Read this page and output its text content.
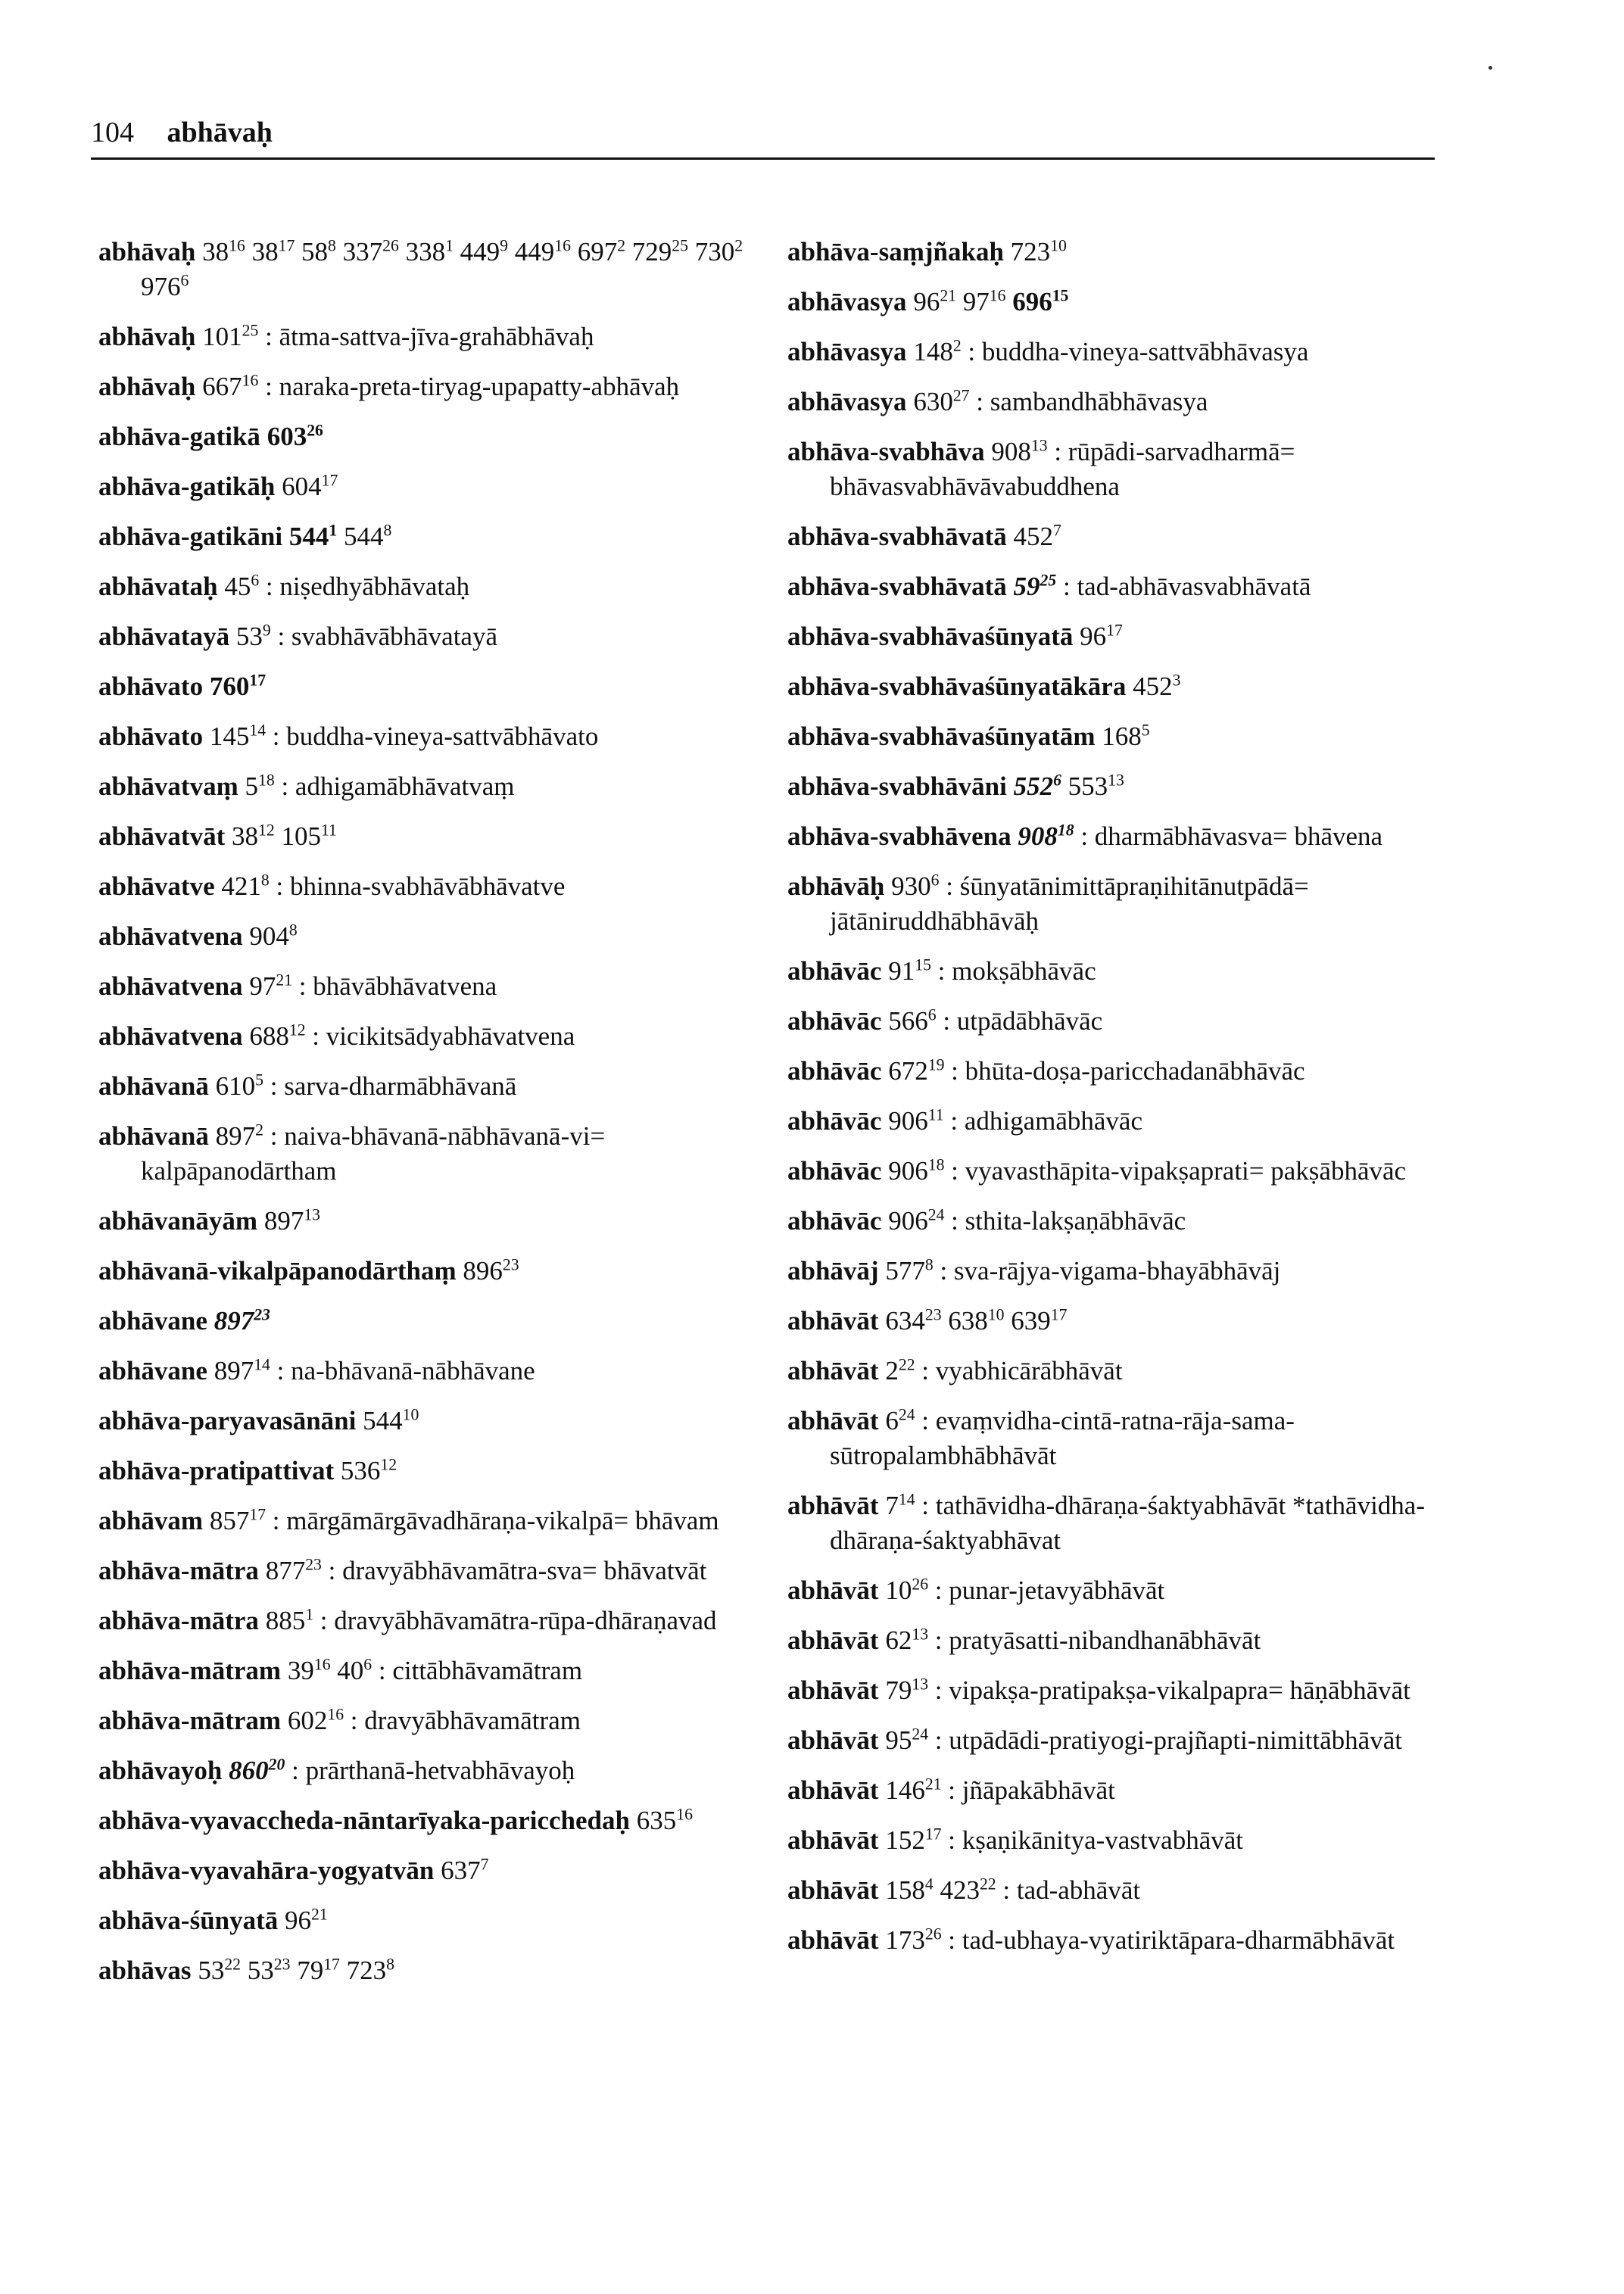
104 abhāvaḥ
abhāvaḥ $38^{16}$ $38^{17}$ $58^8$ $337^{26}$ $338^1$ $449^9$ $449^{16}$ $697^2$ $729^{25}$ $730^2$ $976^6$
abhāvaḥ $101^{25}$ : ātma-sattva-jīva-grahābhāvaḥ
abhāvaḥ $667^{16}$ : naraka-preta-tiryag-upapatty-abhāvaḥ
abhāva-gatikā $603^{26}$
abhāva-gatikāḥ $604^{17}$
abhāva-gatikāni $544^1$ $544^8$
abhāvataḥ $45^6$ : niṣedhyābhāvataḥ
abhāvatayā $53^9$ : svabhāvābhāvatayā
abhāvato $760^{17}$
abhāvato $145^{14}$ : buddha-vineya-sattvābhāvato
abhāvatvaṃ $5^{18}$ : adhigamābhāvatvaṃ
abhāvatvāt $38^{12}$ $105^{11}$
abhāvatve $421^8$ : bhinna-svabhāvābhāvatve
abhāvatvena $904^8$
abhāvatvena $97^{21}$ : bhāvābhāvatvena
abhāvatvena $688^{12}$ : vicikitsādyabhāvatvena
abhāvanā $610^5$ : sarva-dharmābhāvanā
abhāvanā $897^2$ : naiva-bhāvanā-nābhāvanā-vi= kalpāpanodārtham
abhāvanāyām $897^{13}$
abhāvanā-vikalpāpanodārthaṃ $896^{23}$
abhāvane $897^{23}$
abhāvane $897^{14}$ : na-bhāvanā-nābhāvane
abhāva-paryavasānāni $544^{10}$
abhāva-pratipattivat $536^{12}$
abhāvam $857^{17}$ : mārgāmārgāvadhāraṇa-vikalpā= bhāvam
abhāva-mātra $877^{23}$ : dravyābhāvamātra-sva= bhāvatvāt
abhāva-mātra $885^1$ : dravyābhāvamātra-rūpa-dhāraṇavad
abhāva-mātram $39^{16}$ $40^6$ : cittābhāvamātram
abhāva-mātram $602^{16}$ : dravyābhāvamātram
abhāvayoḥ $860^{20}$ : prārthanā-hetvabhāvayoḥ
abhāva-vyavaccheda-nāntarīyaka-paricchedaḥ $635^{16}$
abhāva-vyavahāra-yogyatvān $637^7$
abhāva-śūnyatā $96^{21}$
abhāvas $53^{22}$ $53^{23}$ $79^{17}$ $723^8$
abhāva-saṃjñakaḥ $723^{10}$
abhāvasya $96^{21}$ $97^{16}$ $696^{15}$
abhāvasya $148^2$ : buddha-vineya-sattvābhāvasya
abhāvasya $630^{27}$ : sambandhābhāvasya
abhāva-svabhāva $908^{13}$ : rūpādi-sarvadharmā= bhāvasvabhāvāvabuddhena
abhāva-svabhāvatā $452^7$
abhāva-svabhāvatā $59^{25}$ : tad-abhāvasvabhāvatā
abhāva-svabhāvaśūnyatā $96^{17}$
abhāva-svabhāvaśūnyatākāra $452^3$
abhāva-svabhāvaśūnyatām $168^5$
abhāva-svabhāvāni $552^6$ $553^{13}$
abhāva-svabhāvena $908^{18}$ : dharmābhāvasva= bhāvena
abhāvāḥ $930^6$ : śūnyatānimittāpraṇihitānutpādā= jātāniruddhābhāvāḥ
abhāvāc $91^{15}$ : mokṣābhāvāc
abhāvāc $566^6$ : utpādābhāvāc
abhāvāc $672^{19}$ : bhūta-doṣa-paricchadanābhāvāc
abhāvāc $906^{11}$ : adhigamābhāvāc
abhāvāc $906^{18}$ : vyavasthāpita-vipakṣaprati= pakṣābhāvāc
abhāvāc $906^{24}$ : sthita-lakṣaṇābhāvāc
abhāvāj $577^8$ : sva-rājya-vigama-bhayābhāvāj
abhāvāt $634^{23}$ $638^{10}$ $639^{17}$
abhāvāt $2^{22}$ : vyabhicārābhāvāt
abhāvāt $6^{24}$ : evaṃvidha-cintā-ratna-rāja-sama-sūtropalambhābhāvāt
abhāvāt $7^{14}$ : tathāvidha-dhāraṇa-śaktyabhāvāt *tathāvidha-dhāraṇa-śaktyabhāvat
abhāvāt $10^{26}$ : punar-jetavyābhāvāt
abhāvāt $62^{13}$ : pratyāsatti-nibandhanābhāvāt
abhāvāt $79^{13}$ : vipakṣa-pratipakṣa-vikalpapra= hāṇābhāvāt
abhāvāt $95^{24}$ : utpādādi-pratiyogi-prajñapti-nimittābhāvāt
abhāvāt $146^{21}$ : jñāpakābhāvāt
abhāvāt $152^{17}$ : kṣaṇikānitya-vastvabhāvāt
abhāvāt $158^4$ $423^{22}$ : tad-abhāvāt
abhāvāt $173^{26}$ : tad-ubhaya-vyatiriktāpara-dharmābhāvāt
